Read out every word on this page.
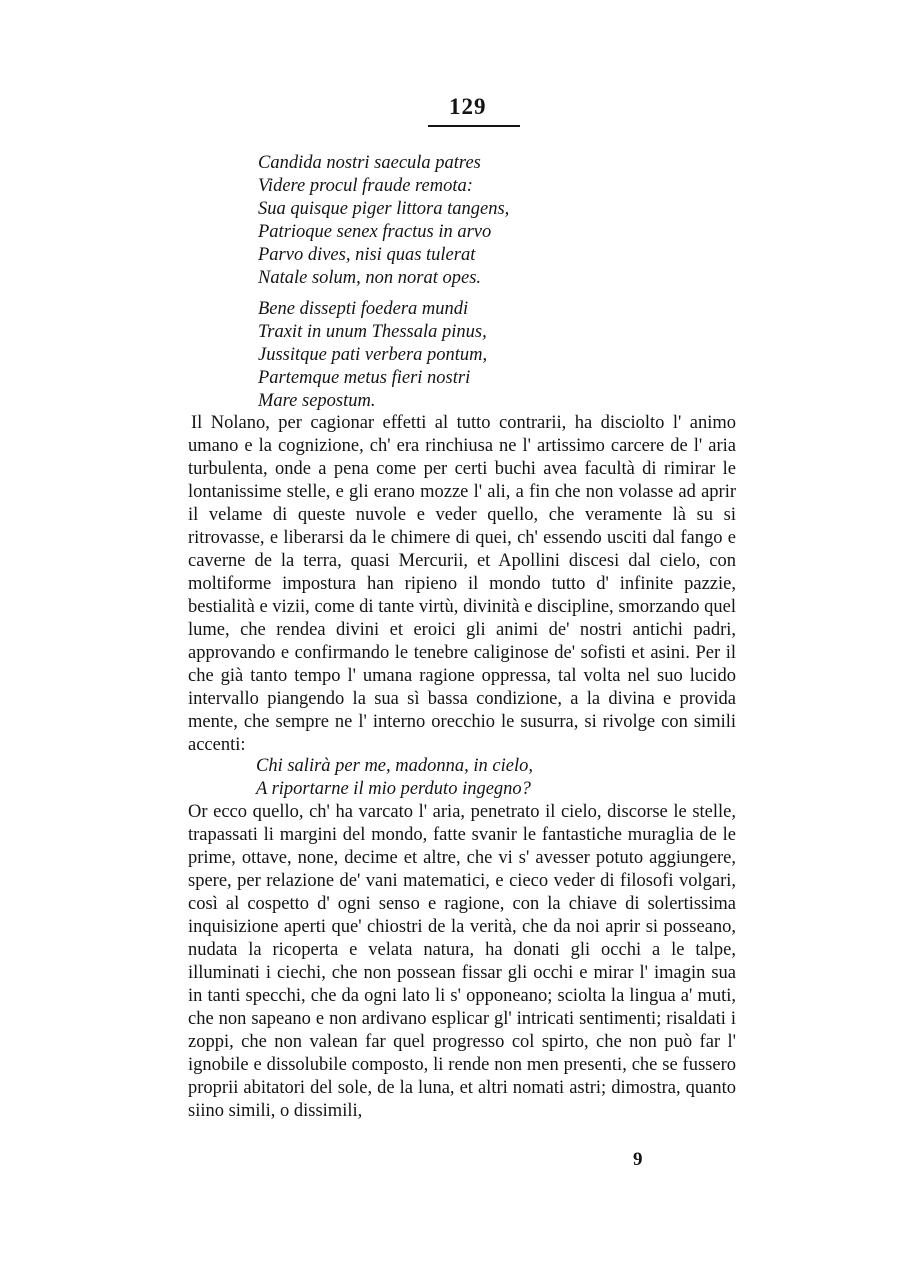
129
Candida nostri saecula patres
Videre procul fraude remota:
Sua quisque piger littora tangens,
Patrioque senex fractus in arvo
Parvo dives, nisi quas tulerat
Natale solum, non norat opes.
Bene dissepti foedera mundi
Traxit in unum Thessala pinus,
Jussitque pati verbera pontum,
Partemque metus fieri nostri
Mare sepostum.

Il Nolano, per cagionar effetti al tutto contrarii, ha disciolto l' animo umano e la cognizione, ch' era rinchiusa ne l' artissimo carcere de l' aria turbulenta, onde a pena come per certi buchi avea facultà di rimirar le lontanissime stelle, e gli erano mozze l' ali, a fin che non volasse ad aprir il velame di queste nuvole e veder quello, che veramente là su si ritrovasse, e liberarsi da le chimere di quei, ch' essendo usciti dal fango e caverne de la terra, quasi Mercurii, et Apollini discesi dal cielo, con moltiforme impostura han ripieno il mondo tutto d' infinite pazzie, bestialità e vizii, come di tante virtù, divinità e discipline, smorzando quel lume, che rendea divini et eroici gli animi de' nostri antichi padri, approvando e confirmando le tenebre caliginose de' sofisti et asini. Per il che già tanto tempo l' umana ragione oppressa, tal volta nel suo lucido intervallo piangendo la sua sì bassa condizione, a la divina e provida mente, che sempre ne l' interno orecchio le susurra, si rivolge con simili accenti:

Chi salirà per me, madonna, in cielo,
A riportarne il mio perduto ingegno?

Or ecco quello, ch' ha varcato l' aria, penetrato il cielo, discorse le stelle, trapassati li margini del mondo, fatte svanir le fantastiche muraglia de le prime, ottave, none, decime et altre, che vi s' avesser potuto aggiungere, spere, per relazione de' vani matematici, e cieco veder di filosofi volgari, così al cospetto d' ogni senso e ragione, con la chiave di solertissima inquisizione aperti que' chiostri de la verità, che da noi aprir si posseano, nudata la ricoperta e velata natura, ha donati gli occhi a le talpe, illuminati i ciechi, che non possean fissar gli occhi e mirar l' imagin sua in tanti specchi, che da ogni lato li s' opponeano; sciolta la lingua a' muti, che non sapeano e non ardivano esplicar gl' intricati sentimenti; risaldati i zoppi, che non valean far quel progresso col spirto, che non può far l' ignobile e dissolubile composto, li rende non men presenti, che se fussero proprii abitatori del sole, de la luna, et altri nomati astri; dimostra, quanto siino simili, o dissimili,

9
